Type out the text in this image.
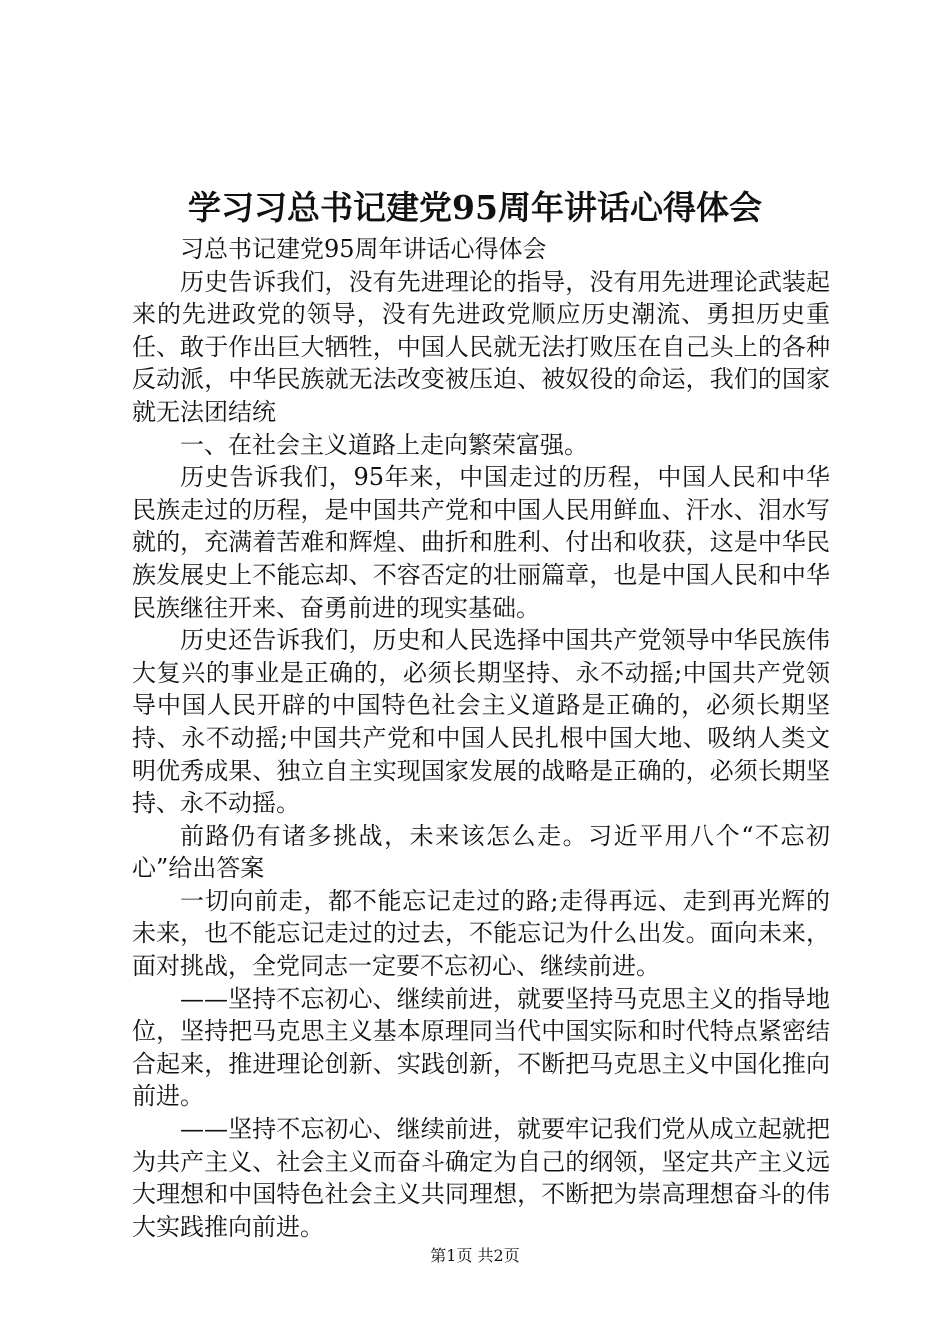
学习习总书记建党95周年讲话心得体会

习总书记建党95周年讲话心得体会

历史告诉我们，没有先进理论的指导，没有用先进理论武装起来的先进政党的领导，没有先进政党顺应历史潮流、勇担历史重任、敢于作出巨大牺牲，中国人民就无法打败压在自己头上的各种反动派，中华民族就无法改变被压迫、被奴役的命运，我们的国家就无法团结统

一、在社会主义道路上走向繁荣富强。

历史告诉我们，95年来，中国走过的历程，中国人民和中华民族走过的历程，是中国共产党和中国人民用鲜血、汗水、泪水写就的，充满着苦难和辉煌、曲折和胜利、付出和收获，这是中华民族发展史上不能忘却、不容否定的壮丽篇章，也是中国人民和中华民族继往开来、奋勇前进的现实基础。

历史还告诉我们，历史和人民选择中国共产党领导中华民族伟大复兴的事业是正确的，必须长期坚持、永不动摇;中国共产党领导中国人民开辟的中国特色社会主义道路是正确的，必须长期坚持、永不动摇;中国共产党和中国人民扎根中国大地、吸纳人类文明优秀成果、独立自主实现国家发展的战略是正确的，必须长期坚持、永不动摇。

前路仍有诸多挑战，未来该怎么走。习近平用八个“不忘初心”给出答案

一切向前走，都不能忘记走过的路;走得再远、走到再光辉的未来，也不能忘记走过的过去，不能忘记为什么出发。面向未来，面对挑战，全党同志一定要不忘初心、继续前进。

——坚持不忘初心、继续前进，就要坚持马克思主义的指导地位，坚持把马克思主义基本原理同当代中国实际和时代特点紧密结合起来，推进理论创新、实践创新，不断把马克思主义中国化推向前进。

——坚持不忘初心、继续前进，就要牢记我们党从成立起就把为共产主义、社会主义而奋斗确定为自己的纲领，坚定共产主义远大理想和中国特色社会主义共同理想，不断把为崇高理想奋斗的伟大实践推向前进。

第1页 共2页
